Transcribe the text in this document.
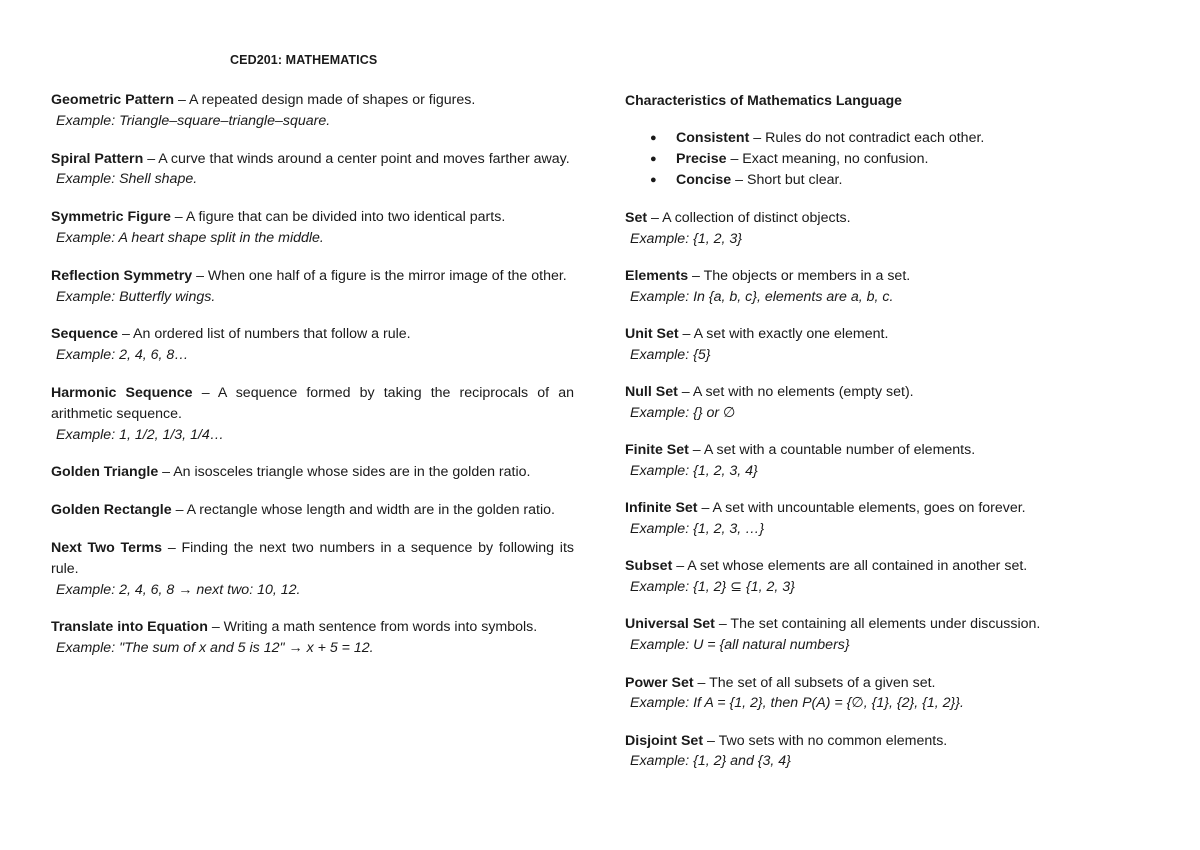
CED201: MATHEMATICS

Geometric Pattern – A repeated design made of shapes or figures.

Example: Triangle–square–triangle–square.

Spiral Pattern – A curve that winds around a center point and moves farther away.

Example: Shell shape.

Symmetric Figure – A figure that can be divided into two identical parts.

Example: A heart shape split in the middle.

Reflection Symmetry – When one half of a figure is the mirror image of the other.

Example: Butterfly wings.

Sequence – An ordered list of numbers that follow a rule.

Example: 2, 4, 6, 8…

Harmonic Sequence – A sequence formed by taking the reciprocals of an arithmetic sequence.

Example: 1, 1/2, 1/3, 1/4…

Golden Triangle – An isosceles triangle whose sides are in the golden ratio.

Golden Rectangle – A rectangle whose length and width are in the golden ratio.

Next Two Terms – Finding the next two numbers in a sequence by following its rule.

Example: 2, 4, 6, 8 → next two: 10, 12.

Translate into Equation – Writing a math sentence from words into symbols.

Example: "The sum of x and 5 is 12" → x + 5 = 12.

Characteristics of Mathematics Language

● Consistent – Rules do not contradict each other.
● Precise – Exact meaning, no confusion.
● Concise – Short but clear.

Set – A collection of distinct objects.

Example: {1, 2, 3}

Elements – The objects or members in a set.

Example: In {a, b, c}, elements are a, b, c.

Unit Set – A set with exactly one element.

Example: {5}

Null Set – A set with no elements (empty set).

Example: {} or ∅

Finite Set – A set with a countable number of elements.

Example: {1, 2, 3, 4}

Infinite Set – A set with uncountable elements, goes on forever.

Example: {1, 2, 3, …}

Subset – A set whose elements are all contained in another set.

Example: {1, 2} ⊆ {1, 2, 3}

Universal Set – The set containing all elements under discussion.

Example: U = {all natural numbers}

Power Set – The set of all subsets of a given set.

Example: If A = {1, 2}, then P(A) = {∅, {1}, {2}, {1, 2}}.

Disjoint Set – Two sets with no common elements.

Example: {1, 2} and {3, 4}
